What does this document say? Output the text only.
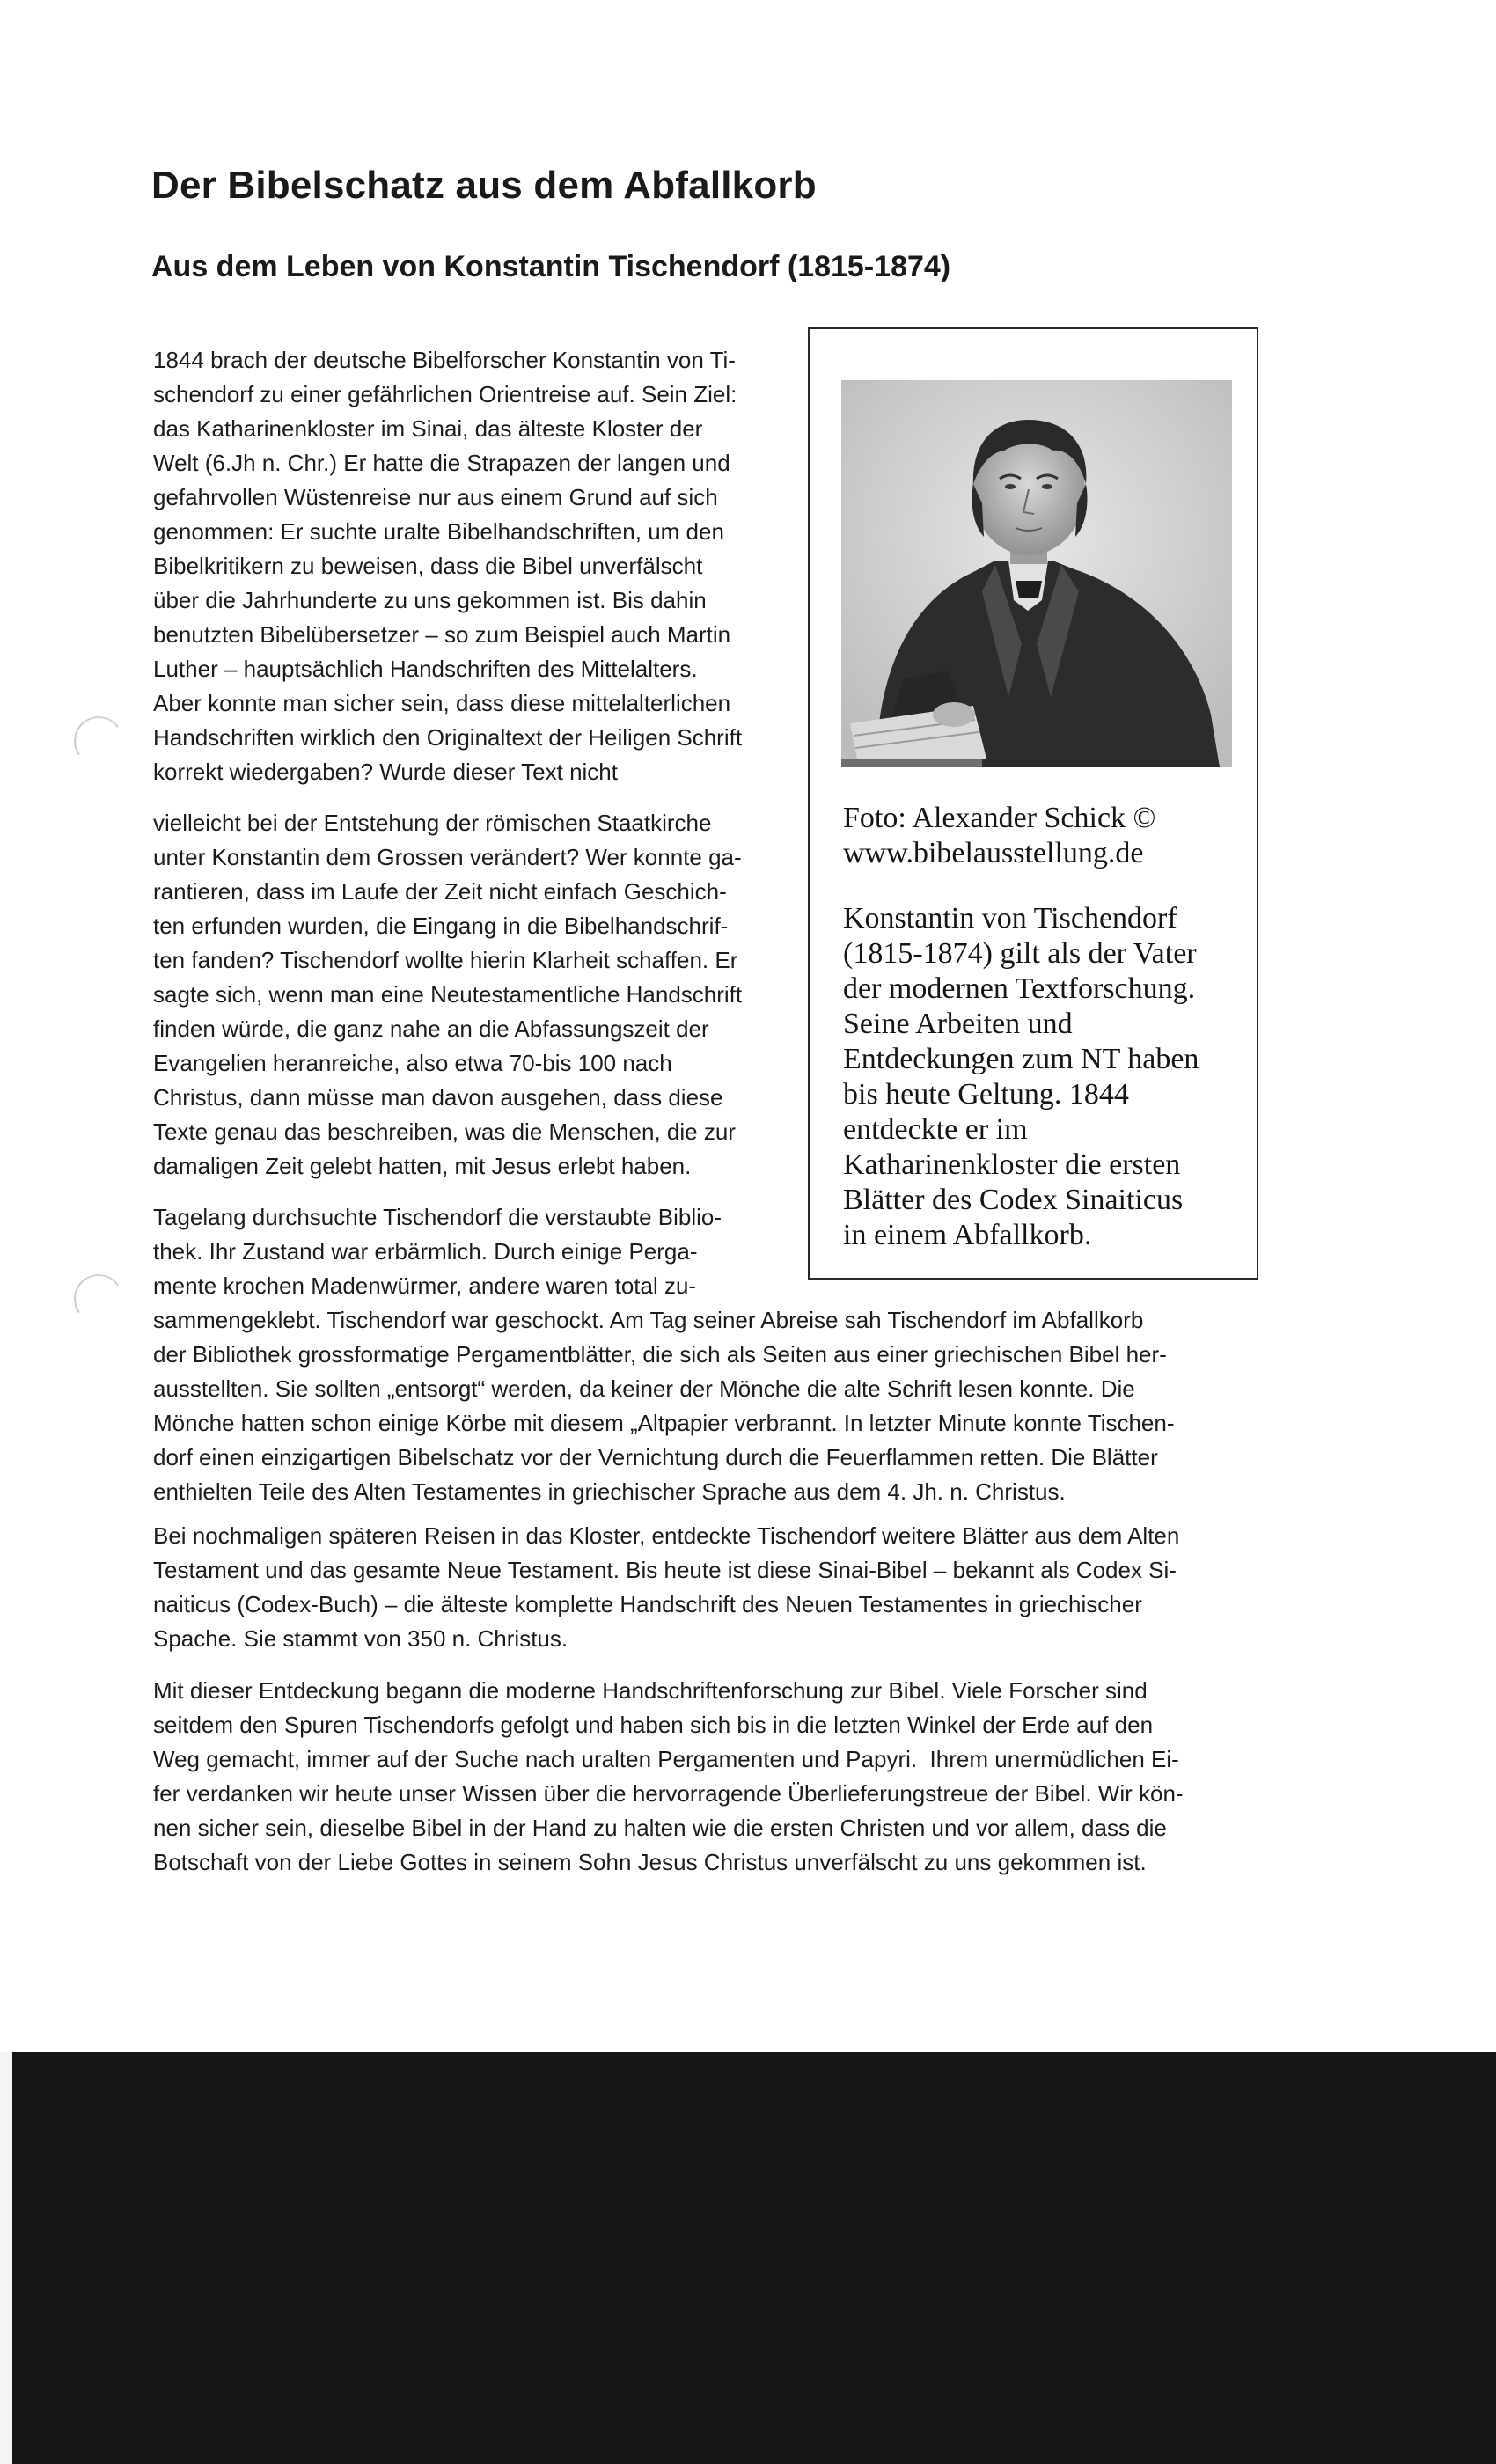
Der Bibelschatz aus dem Abfallkorb
Aus dem Leben von Konstantin Tischendorf (1815-1874)

1844 brach der deutsche Bibelforscher Konstantin von Ti-
schendorf zu einer gefährlichen Orientreise auf. Sein Ziel:
das Katharinenkloster im Sinai, das älteste Kloster der
Welt (6.Jh n. Chr.) Er hatte die Strapazen der langen und
gefahrvollen Wüstenreise nur aus einem Grund auf sich
genommen: Er suchte uralte Bibelhandschriften, um den
Bibelkritikern zu beweisen, dass die Bibel unverfälscht
über die Jahrhunderte zu uns gekommen ist. Bis dahin
benutzten Bibelübersetzer – so zum Beispiel auch Martin
Luther – hauptsächlich Handschriften des Mittelalters.
Aber konnte man sicher sein, dass diese mittelalterlichen
Handschriften wirklich den Originaltext der Heiligen Schrift
korrekt wiedergaben? Wurde dieser Text nicht

vielleicht bei der Entstehung der römischen Staatkirche
unter Konstantin dem Grossen verändert? Wer konnte ga-
rantieren, dass im Laufe der Zeit nicht einfach Geschich-
ten erfunden wurden, die Eingang in die Bibelhandschrif-
ten fanden? Tischendorf wollte hierin Klarheit schaffen. Er
sagte sich, wenn man eine Neutestamentliche Handschrift
finden würde, die ganz nahe an die Abfassungszeit der
Evangelien heranreiche, also etwa 70-bis 100 nach
Christus, dann müsse man davon ausgehen, dass diese
Texte genau das beschreiben, was die Menschen, die zur
damaligen Zeit gelebt hatten, mit Jesus erlebt haben.

Tagelang durchsuchte Tischendorf die verstaubte Biblio-
thek. Ihr Zustand war erbärmlich. Durch einige Perga-
mente krochen Madenwürmer, andere waren total zu-
sammengeklebt. Tischendorf war geschockt. Am Tag seiner Abreise sah Tischendorf im Abfallkorb
der Bibliothek grossformatige Pergamentblätter, die sich als Seiten aus einer griechischen Bibel her-
ausstellten. Sie sollten „entsorgt“ werden, da keiner der Mönche die alte Schrift lesen konnte. Die
Mönche hatten schon einige Körbe mit diesem „Altpapier verbrannt. In letzter Minute konnte Tischen-
dorf einen einzigartigen Bibelschatz vor der Vernichtung durch die Feuerflammen retten. Die Blätter
enthielten Teile des Alten Testamentes in griechischer Sprache aus dem 4. Jh. n. Christus.

Bei nochmaligen späteren Reisen in das Kloster, entdeckte Tischendorf weitere Blätter aus dem Alten
Testament und das gesamte Neue Testament. Bis heute ist diese Sinai-Bibel – bekannt als Codex Si-
naiticus (Codex-Buch) – die älteste komplette Handschrift des Neuen Testamentes in griechischer
Spache. Sie stammt von 350 n. Christus.

Mit dieser Entdeckung begann die moderne Handschriftenforschung zur Bibel. Viele Forscher sind
seitdem den Spuren Tischendorfs gefolgt und haben sich bis in die letzten Winkel der Erde auf den
Weg gemacht, immer auf der Suche nach uralten Pergamenten und Papyri.  Ihrem unermüdlichen Ei-
fer verdanken wir heute unser Wissen über die hervorragende Überlieferungstreue der Bibel. Wir kön-
nen sicher sein, dieselbe Bibel in der Hand zu halten wie die ersten Christen und vor allem, dass die
Botschaft von der Liebe Gottes in seinem Sohn Jesus Christus unverfälscht zu uns gekommen ist.

Foto: Alexander Schick ©
www.bibelausstellung.de

Konstantin von Tischendorf
(1815-1874) gilt als der Vater
der modernen Textforschung.
Seine Arbeiten und
Entdeckungen zum NT haben
bis heute Geltung. 1844
entdeckte er im
Katharinenkloster die ersten
Blätter des Codex Sinaiticus
in einem Abfallkorb.
